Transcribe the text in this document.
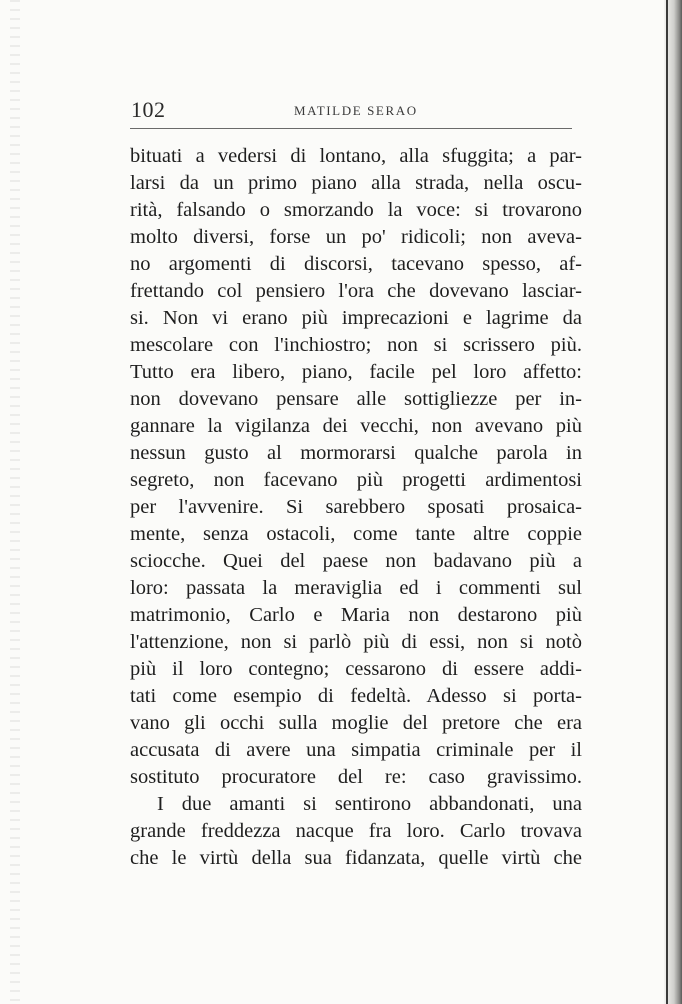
102	MATILDE SERAO
bituati a vedersi di lontano, alla sfuggita; a par-
larsi da un primo piano alla strada, nella oscu-
rità, falsando o smorzando la voce: si trovarono
molto diversi, forse un po' ridicoli; non aveva-
no argomenti di discorsi, tacevano spesso, af-
frettando col pensiero l'ora che dovevano lasciar-
si. Non vi erano più imprecazioni e lagrime da
mescolare con l'inchiostro; non si scrissero più.
Tutto era libero, piano, facile pel loro affetto:
non dovevano pensare alle sottigliezze per in-
gannare la vigilanza dei vecchi, non avevano più
nessun gusto al mormorarsi qualche parola in
segreto, non facevano più progetti ardimentosi
per l'avvenire. Si sarebbero sposati prosaica-
mente, senza ostacoli, come tante altre coppie
sciocche. Quei del paese non badavano più a
loro: passata la meraviglia ed i commenti sul
matrimonio, Carlo e Maria non destarono più
l'attenzione, non si parlò più di essi, non si notò
più il loro contegno; cessarono di essere addi-
tati come esempio di fedeltà. Adesso si porta-
vano gli occhi sulla moglie del pretore che era
accusata di avere una simpatia criminale per il
sostituto procuratore del re: caso gravissimo.
I due amanti si sentirono abbandonati, una
grande freddezza nacque fra loro. Carlo trovava
che le virtù della sua fidanzata, quelle virtù che
